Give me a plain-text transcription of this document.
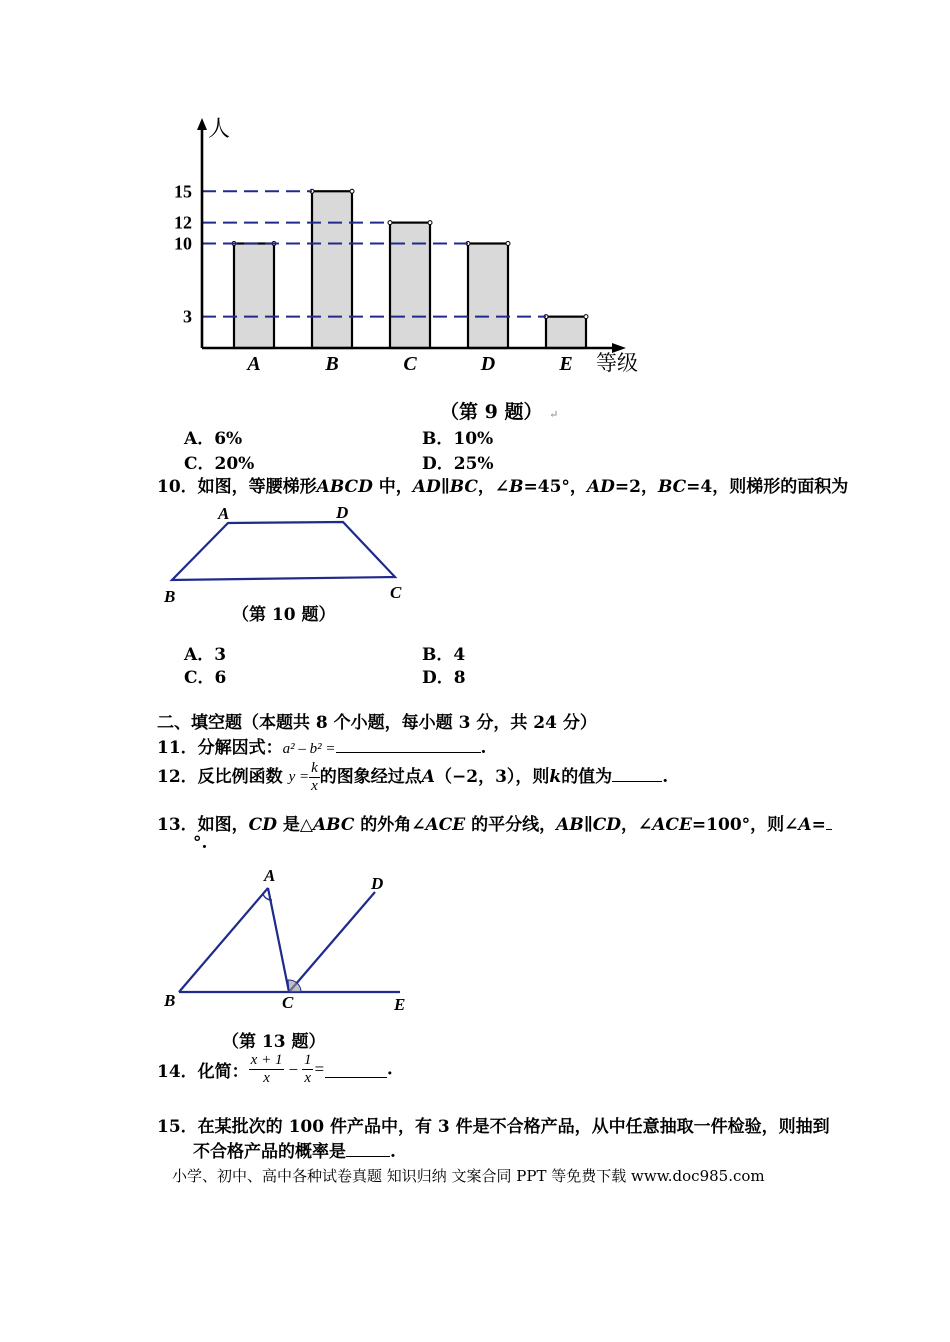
3
10
12
15
人
等级
A	B	C	D	E
（第 9 题） ↵
A．6%	B．10%
C．20%	D．25%
10．如图，等腰梯形ABCD 中，AD∥BC，∠B=45°，AD=2，BC=4，则梯形的面积为
A	D
B	C
（第 10 题）
A．3	B．4
C．6	D．8
二、填空题（本题共 8 个小题，每小题 3 分，共 24 分）
11．分解因式：a² – b² =	.
12．反比例函数 $y = \frac{k}{x}$ 的图象经过点A（−2，3），则k的值为	.
13．如图，CD 是△ABC 的外角∠ACE 的平分线，AB∥CD，∠ACE=100°，则∠A=
°.
A	D
B	C	E
（第 13 题）
14．化简： $\frac{x + 1}{x} - \frac{1}{x}$ =	.
15．在某批次的 100 件产品中，有 3 件是不合格产品，从中任意抽取一件检验，则抽到
不合格产品的概率是	.
小学、初中、高中各种试卷真题 知识归纳 文案合同 PPT 等免费下载 www.doc985.com
